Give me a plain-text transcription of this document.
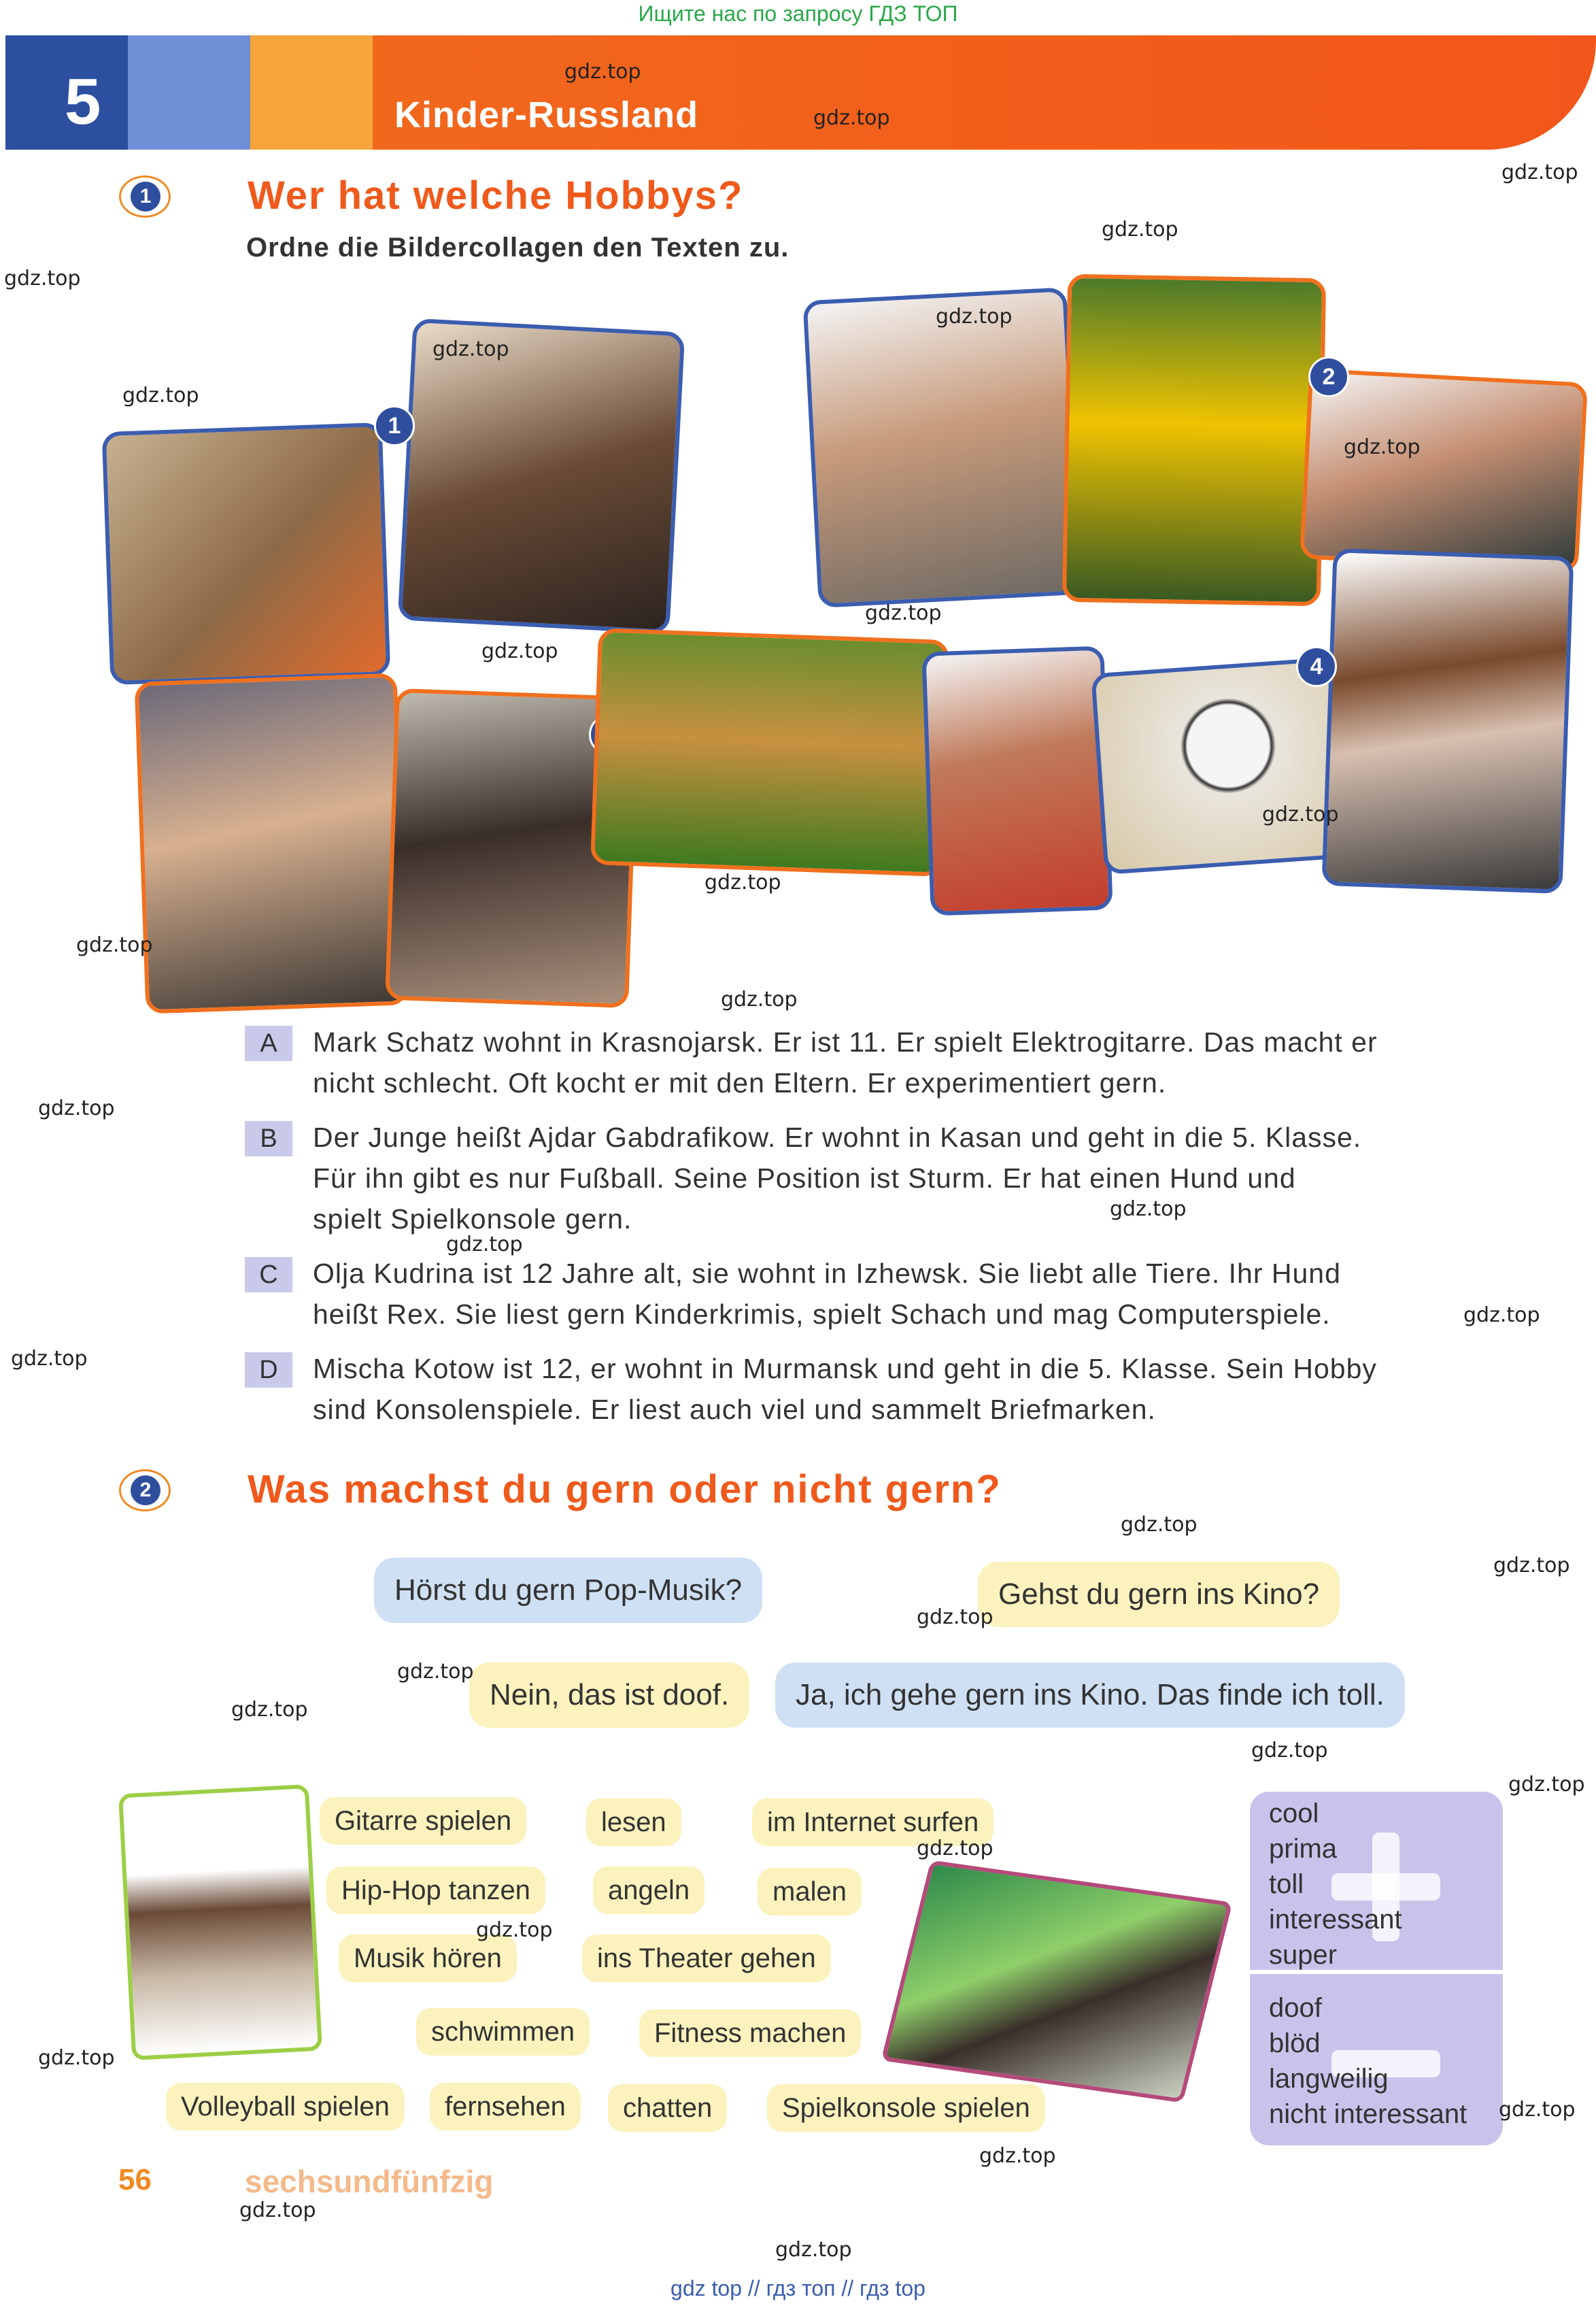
Ищите нас по запросу ГДЗ ТОП
5	Kinder-Russland
1 Wer hat welche Hobbys?
Ordne die Bildercollagen den Texten zu.
1
2
4
A	Mark Schatz wohnt in Krasnojarsk. Er ist 11. Er spielt Elektrogitarre. Das macht er
nicht schlecht. Oft kocht er mit den Eltern. Er experimentiert gern.
B	Der Junge heißt Ajdar Gabdrafikow. Er wohnt in Kasan und geht in die 5. Klasse.
Für ihn gibt es nur Fußball. Seine Position ist Sturm. Er hat einen Hund und
spielt Spielkonsole gern.
C	Olja Kudrina ist 12 Jahre alt, sie wohnt in Izhewsk. Sie liebt alle Tiere. Ihr Hund
heißt Rex. Sie liest gern Kinderkrimis, spielt Schach und mag Computerspiele.
D	Mischa Kotow ist 12, er wohnt in Murmansk und geht in die 5. Klasse. Sein Hobby
sind Konsolenspiele. Er liest auch viel und sammelt Briefmarken.
2 Was machst du gern oder nicht gern?
Hörst du gern Pop-Musik?	Gehst du gern ins Kino?
Nein, das ist doof.	Ja, ich gehe gern ins Kino. Das finde ich toll.
Gitarre spielen	lesen	im Internet surfen
Hip-Hop tanzen	angeln	malen
Musik hören	ins Theater gehen
schwimmen	Fitness machen
Volleyball spielen	fernsehen	chatten	Spielkonsole spielen
cool
prima
toll
interessant
super
doof
blöd
langweilig
nicht interessant
56	sechsundfünfzig
gdz top // гдз топ // гдз top
gdz.top
gdz.top
gdz.top
gdz.top
gdz.top
gdz.top
gdz.top
gdz.top
gdz.top
gdz.top
gdz.top
gdz.top
gdz.top
gdz.top
gdz.top
gdz.top
gdz.top
gdz.top
gdz.top
gdz.top
gdz.top
gdz.top
gdz.top
gdz.top
gdz.top
gdz.top
gdz.top
gdz.top
gdz.top
gdz.top
gdz.top
gdz.top
gdz.top
gdz.top
